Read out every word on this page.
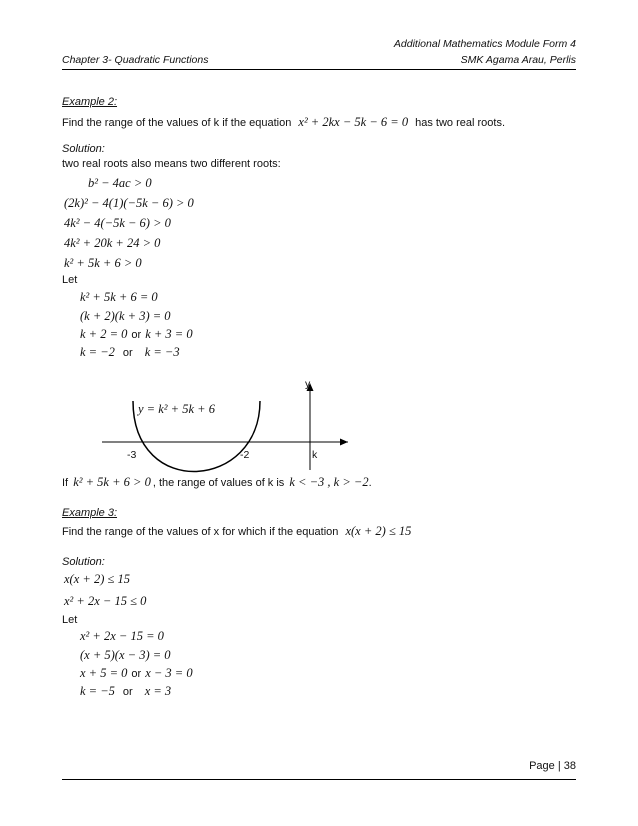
Additional Mathematics Module Form 4
Chapter 3- Quadratic Functions	SMK Agama Arau, Perlis
Example 2:
Find the range of the values of k if the equation x² + 2kx − 5k − 6 = 0 has two real roots.
Solution:
two real roots also means two different roots:
b² − 4ac > 0
(2k)² − 4(1)(−5k − 6) > 0
4k² − 4(−5k − 6) > 0
4k² + 20k + 24 > 0
k² + 5k + 6 > 0
Let
k² + 5k + 6 = 0
(k + 2)(k + 3) = 0
k + 2 = 0 or k + 3 = 0
k = −2 or k = −3
y
k
-3	-2
y = k² + 5k + 6
If k² + 5k + 6 > 0 , the range of values of k is k < −3 , k > −2.
Example 3:
Find the range of the values of x for which if the equation x(x + 2) ≤ 15
Solution:
x(x + 2) ≤ 15
x² + 2x − 15 ≤ 0
Let
x² + 2x − 15 = 0
(x + 5)(x − 3) = 0
x + 5 = 0 or x − 3 = 0
k = −5 or x = 3
Page | 38
